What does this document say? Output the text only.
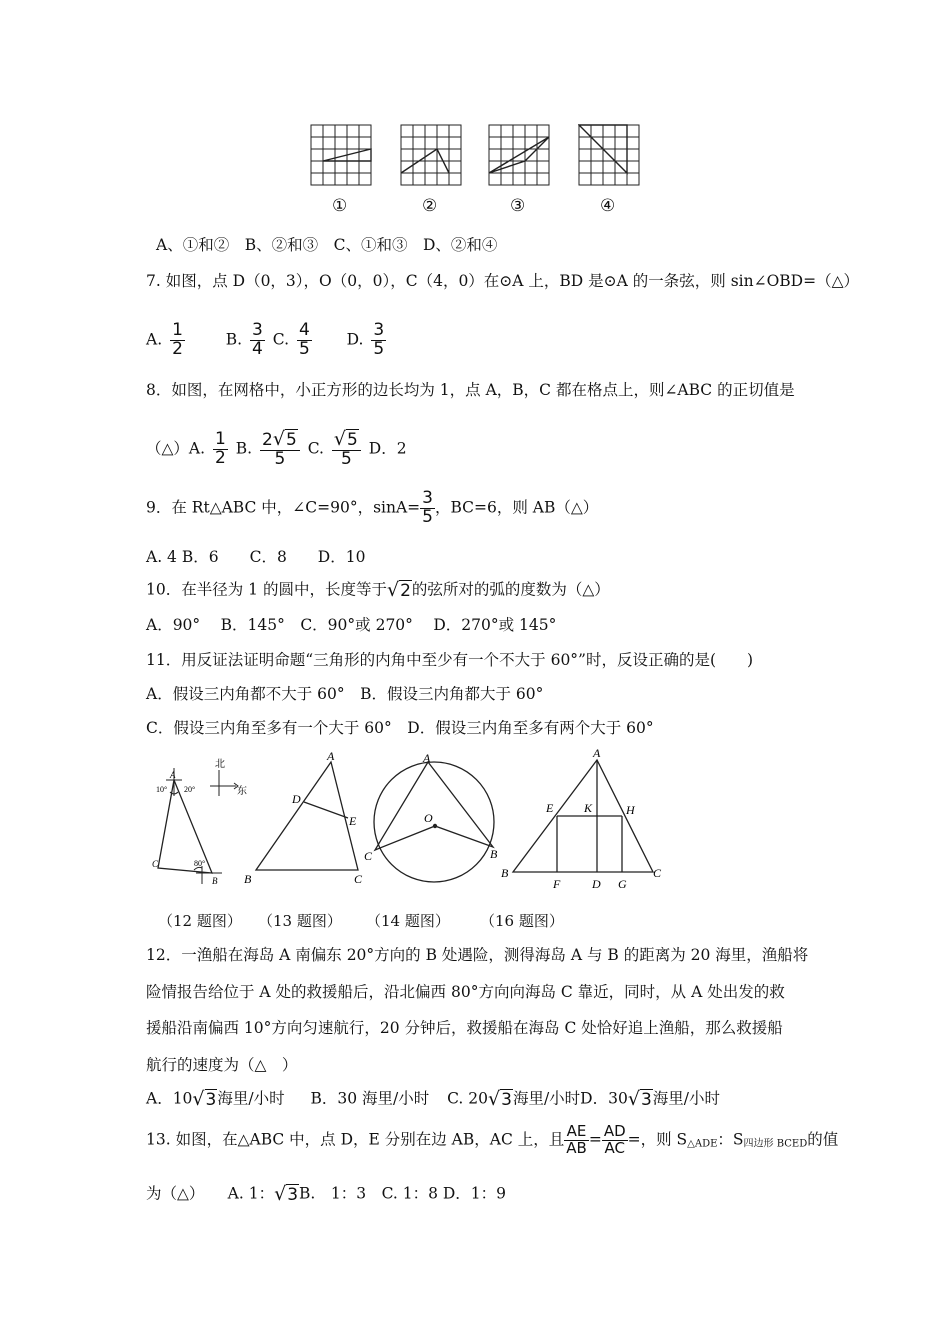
①	②	③	④
A、①和②　B、②和③　C、①和③　D、②和④
7. 如图，点 D（0，3），O（0，0），C（4，0）在⊙A 上，BD 是⊙A 的一条弦，则 sin∠OBD=（△）
A. $\frac{1}{2}$	B. $\frac{3}{4} C$. $\frac{4}{5} D$. $\frac{3}{5}$
8．如图，在网格中，小正方形的边长均为 1，点 A，B，C 都在格点上，则∠ABC 的正切值是
（△）A. $\frac{1}{2} B$. $\frac{2√5}{5} C$. $\frac{√5}{5}$ D．2
9．在 Rt△ABC 中，∠C=90°，$\sin A= \frac{3}{5}$ ，BC=6，则 AB（△）
A. 4 B．6　　C．8　　D．10
10．在半径为 1 的圆中，长度等于√2的弦所对的弧的度数为（△）
A．90°　 B．145°　C．90°或 270°　 D．270°或 145°
11．用反证法证明命题“三角形的内角中至少有一个不大于 60°”时，反设正确的是(　　)
A．假设三内角都不大于 60°　B．假设三内角都大于 60°
C．假设三内角至多有一个大于 60°　D．假设三内角至多有两个大于 60°
北
东
A
20°
10°
80°
C
B
A
B	C
D
E
A
C	B
O
A
B	C
D
E
F	G
H
K
（12 题图） （13 题图） （14 题图） （16 题图）
12．一渔船在海岛 A 南偏东 20°方向的 B 处遇险，测得海岛 A 与 B 的距离为 20 海里，渔船将
险情报告给位于 A 处的救援船后，沿北偏西 80°方向向海岛 C 靠近，同时，从 A 处出发的救
援船沿南偏西 10°方向匀速航行，20 分钟后，救援船在海岛 C 处恰好追上渔船，那么救援船
航行的速度为（△　）
A．10√3海里/小时 B．30 海里/小时 C. 20√3海里/小时D．30√3海里/小时
13. 如图，在△ABC 中，点 D，E 分别在边 AB，AC 上，且 $\frac{AE}{AB} = \frac{AD}{AC}$ =，则 $S_{\triangle ADE}$：$S_{四边形 BCED}$的值
为（△）　　A. 1：√3B.　1：3　C. 1：8 D．1：9
